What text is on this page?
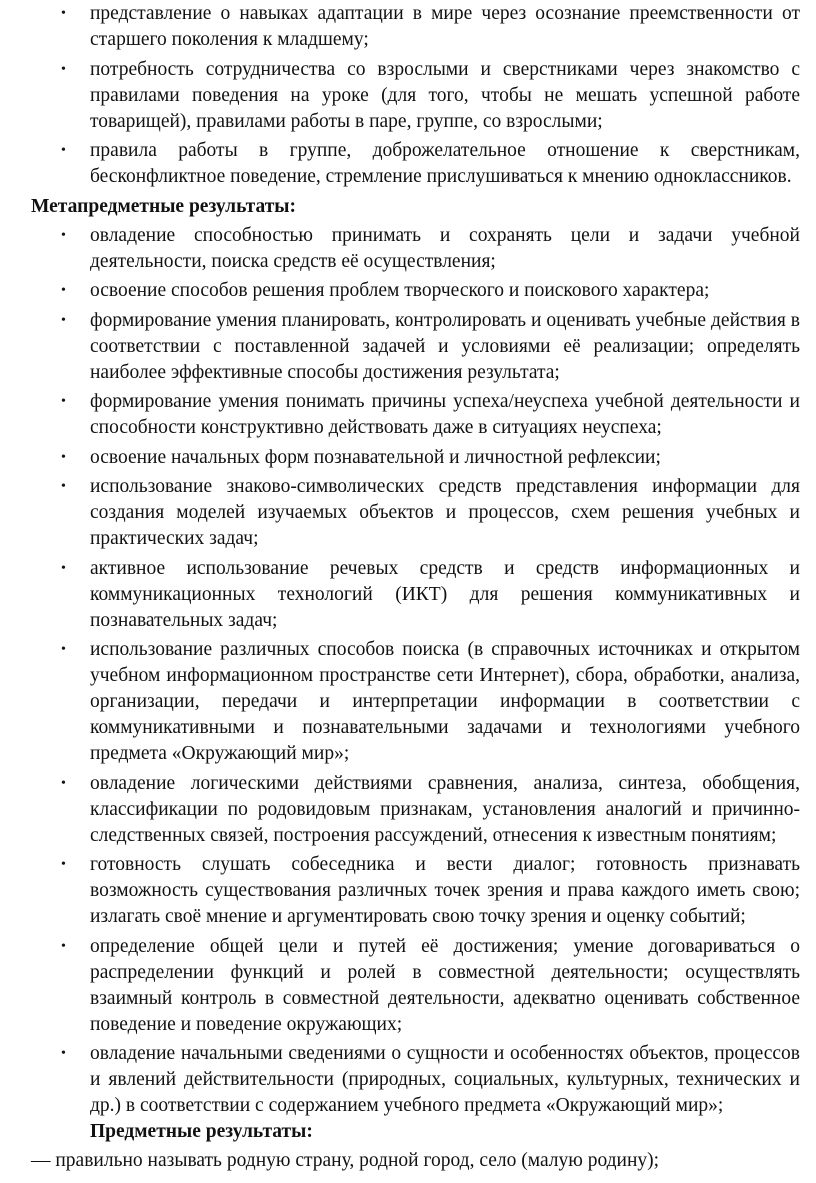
• представление о навыках адаптации в мире через осознание преемственности от старшего поколения к младшему;
• потребность сотрудничества со взрослыми и сверстниками через знакомство с правилами поведения на уроке (для того, чтобы не мешать успешной работе товарищей), правилами работы в паре, группе, со взрослыми;
• правила работы в группе, доброжелательное отношение к сверстникам, бесконфликтное поведение, стремление прислушиваться к мнению одноклассников.
Метапредметные результаты:
• овладение способностью принимать и сохранять цели и задачи учебной деятельности, поиска средств её осуществления;
• освоение способов решения проблем творческого и поискового характера;
• формирование умения планировать, контролировать и оценивать учебные действия в соответствии с поставленной задачей и условиями её реализации; определять наиболее эффективные способы достижения результата;
• формирование умения понимать причины успеха/неуспеха учебной деятельности и способности конструктивно действовать даже в ситуациях неуспеха;
• освоение начальных форм познавательной и личностной рефлексии;
• использование знаково-символических средств представления информации для создания моделей изучаемых объектов и процессов, схем решения учебных и практических задач;
• активное использование речевых средств и средств информационных и коммуникационных технологий (ИКТ) для решения коммуникативных и познавательных задач;
• использование различных способов поиска (в справочных источниках и открытом учебном информационном пространстве сети Интернет), сбора, обработки, анализа, организации, передачи и интерпретации информации в соответствии с коммуникативными и познавательными задачами и технологиями учебного предмета «Окружающий мир»;
• овладение логическими действиями сравнения, анализа, синтеза, обобщения, классификации по родовидовым признакам, установления аналогий и причинно-следственных связей, построения рассуждений, отнесения к известным понятиям;
• готовность слушать собеседника и вести диалог; готовность признавать возможность существования различных точек зрения и права каждого иметь свою; излагать своё мнение и аргументировать свою точку зрения и оценку событий;
• определение общей цели и путей её достижения; умение договариваться о распределении функций и ролей в совместной деятельности; осуществлять взаимный контроль в совместной деятельности, адекватно оценивать собственное поведение и поведение окружающих;
• овладение начальными сведениями о сущности и особенностях объектов, процессов и явлений действительности (природных, социальных, культурных, технических и др.) в соответствии с содержанием учебного предмета «Окружающий мир»;
Предметные результаты:
— правильно называть родную страну, родной город, село (малую родину);
